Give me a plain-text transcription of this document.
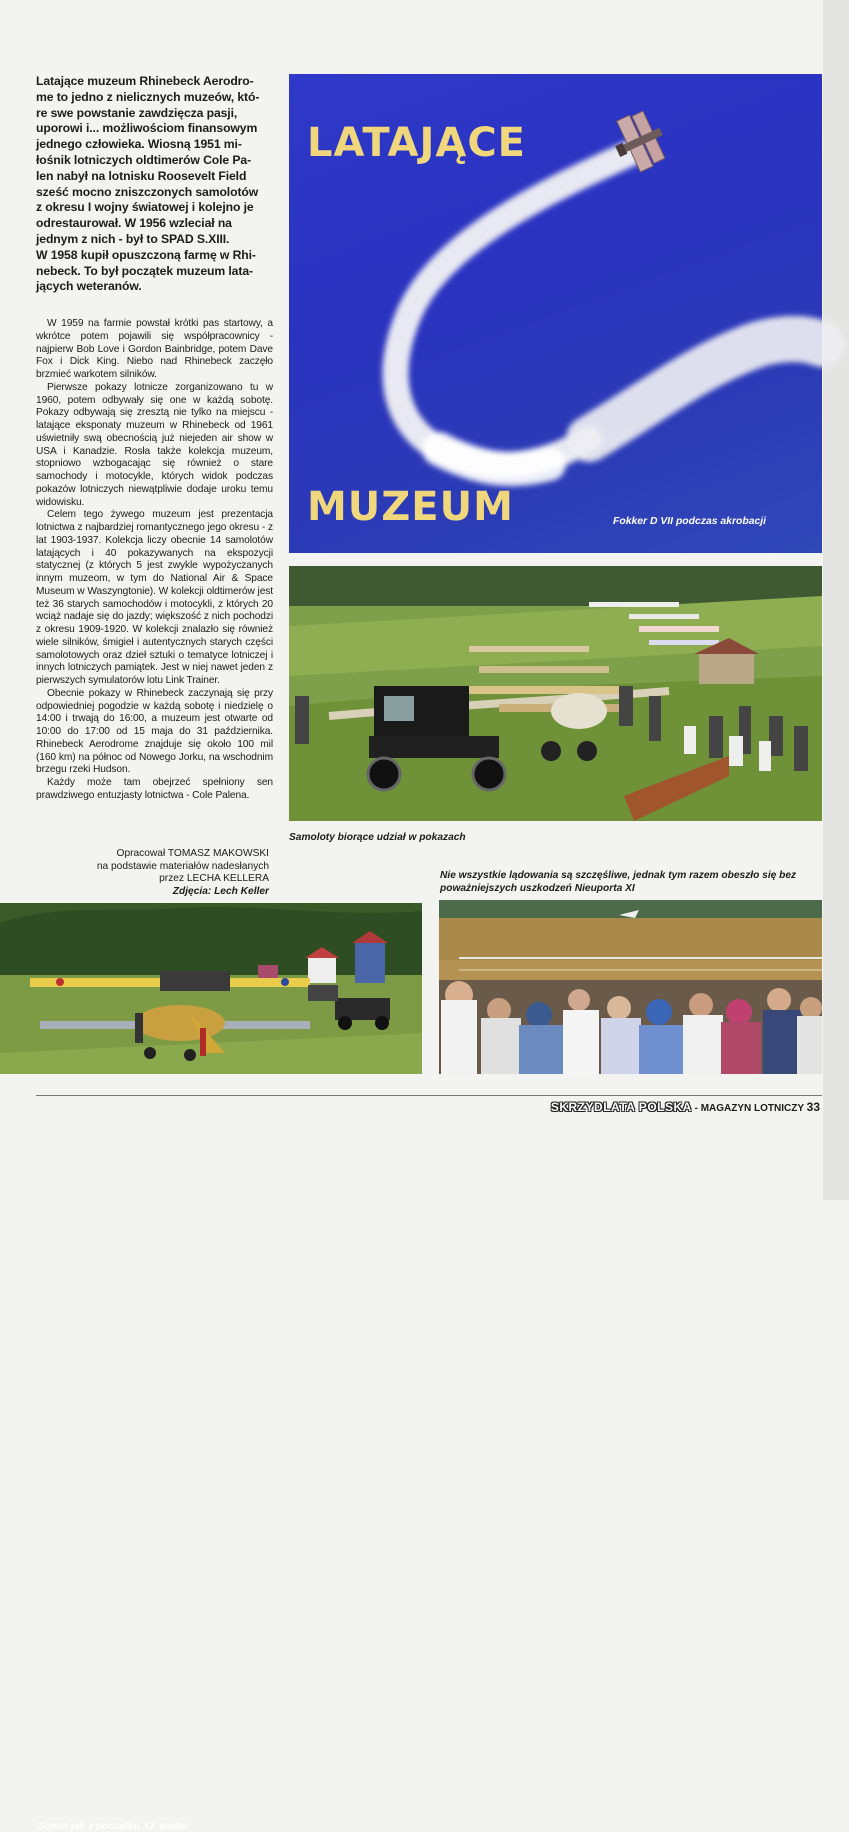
Latające muzeum Rhinebeck Aerodro-
me to jedno z nielicznych muzeów, któ-
re swe powstanie zawdzięcza pasji,
uporowi i... możliwościom finansowym
jednego człowieka. Wiosną 1951 mi-
łośnik lotniczych oldtimerów Cole Pa-
len nabył na lotnisku Roosevelt Field
sześć mocno zniszczonych samolotów
z okresu I wojny światowej i kolejno je
odrestaurował. W 1956 wzleciał na
jednym z nich - był to SPAD S.XIII.
W 1958 kupił opuszczoną farmę w Rhi-
nebeck. To był początek muzeum lata-
jących weteranów.

W 1959 na farmie powstał krótki pas startowy, a wkrótce potem pojawili się współpracownicy - najpierw Bob Love i Gordon Bainbridge, potem Dave Fox i Dick King. Niebo nad Rhinebeck zaczęło brzmieć warkotem silników.

Pierwsze pokazy lotnicze zorganizowano tu w 1960, potem odbywały się one w każdą sobotę. Pokazy odbywają się zresztą nie tylko na miejscu - latające eksponaty muzeum w Rhinebeck od 1961 uświetniły swą obecnością już niejeden air show w USA i Kanadzie. Rosła także kolekcja muzeum, stopniowo wzbogacając się również o stare samochody i motocykle, których widok podczas pokazów lotniczych niewątpliwie dodaje uroku temu widowisku.

Celem tego żywego muzeum jest prezentacja lotnictwa z najbardziej romantycznego jego okresu - z lat 1903-1937. Kolekcja liczy obecnie 14 samolotów latających i 40 pokazywanych na ekspozycji statycznej (z których 5 jest zwykle wypożyczanych innym muzeom, w tym do National Air & Space Museum w Waszyngtonie). W kolekcji oldtimerów jest też 36 starych samochodów i motocykli, z których 20 wciąż nadaje się do jazdy; większość z nich pochodzi z okresu 1909-1920. W kolekcji znalazło się również wiele silników, śmigieł i autentycznych starych części samolotowych oraz dzieł sztuki o tematyce lotniczej i innych lotniczych pamiątek. Jest w niej nawet jeden z pierwszych symulatorów lotu Link Trainer.

Obecnie pokazy w Rhinebeck zaczynają się przy odpowiedniej pogodzie w każdą sobotę i niedzielę o 14:00 i trwają do 16:00, a muzeum jest otwarte od 10:00 do 17:00 od 15 maja do 31 października. Rhinebeck Aerodrome znajduje się około 100 mil (160 km) na północ od Nowego Jorku, na wschodnim brzegu rzeki Hudson.

Każdy może tam obejrzeć spełniony sen prawdziwego entuzjasty lotnictwa - Cole Palena.

Opracował TOMASZ MAKOWSKI
na podstawie materiałów nadesłanych
przez LECHA KELLERA
Zdjęcia: Lech Keller
LATAJĄCE
MUZEUM	Fokker D VII podczas akrobacji
Samoloty biorące udział w pokazach
Nie wszystkie lądowania są szczęśliwe, jednak tym razem obeszło się bez poważniejszych uszkodzeń Nieuporta XI
Scena jak z początku XX wieku
SKRZYDLATA POLSKA - MAGAZYN LOTNICZY 33
